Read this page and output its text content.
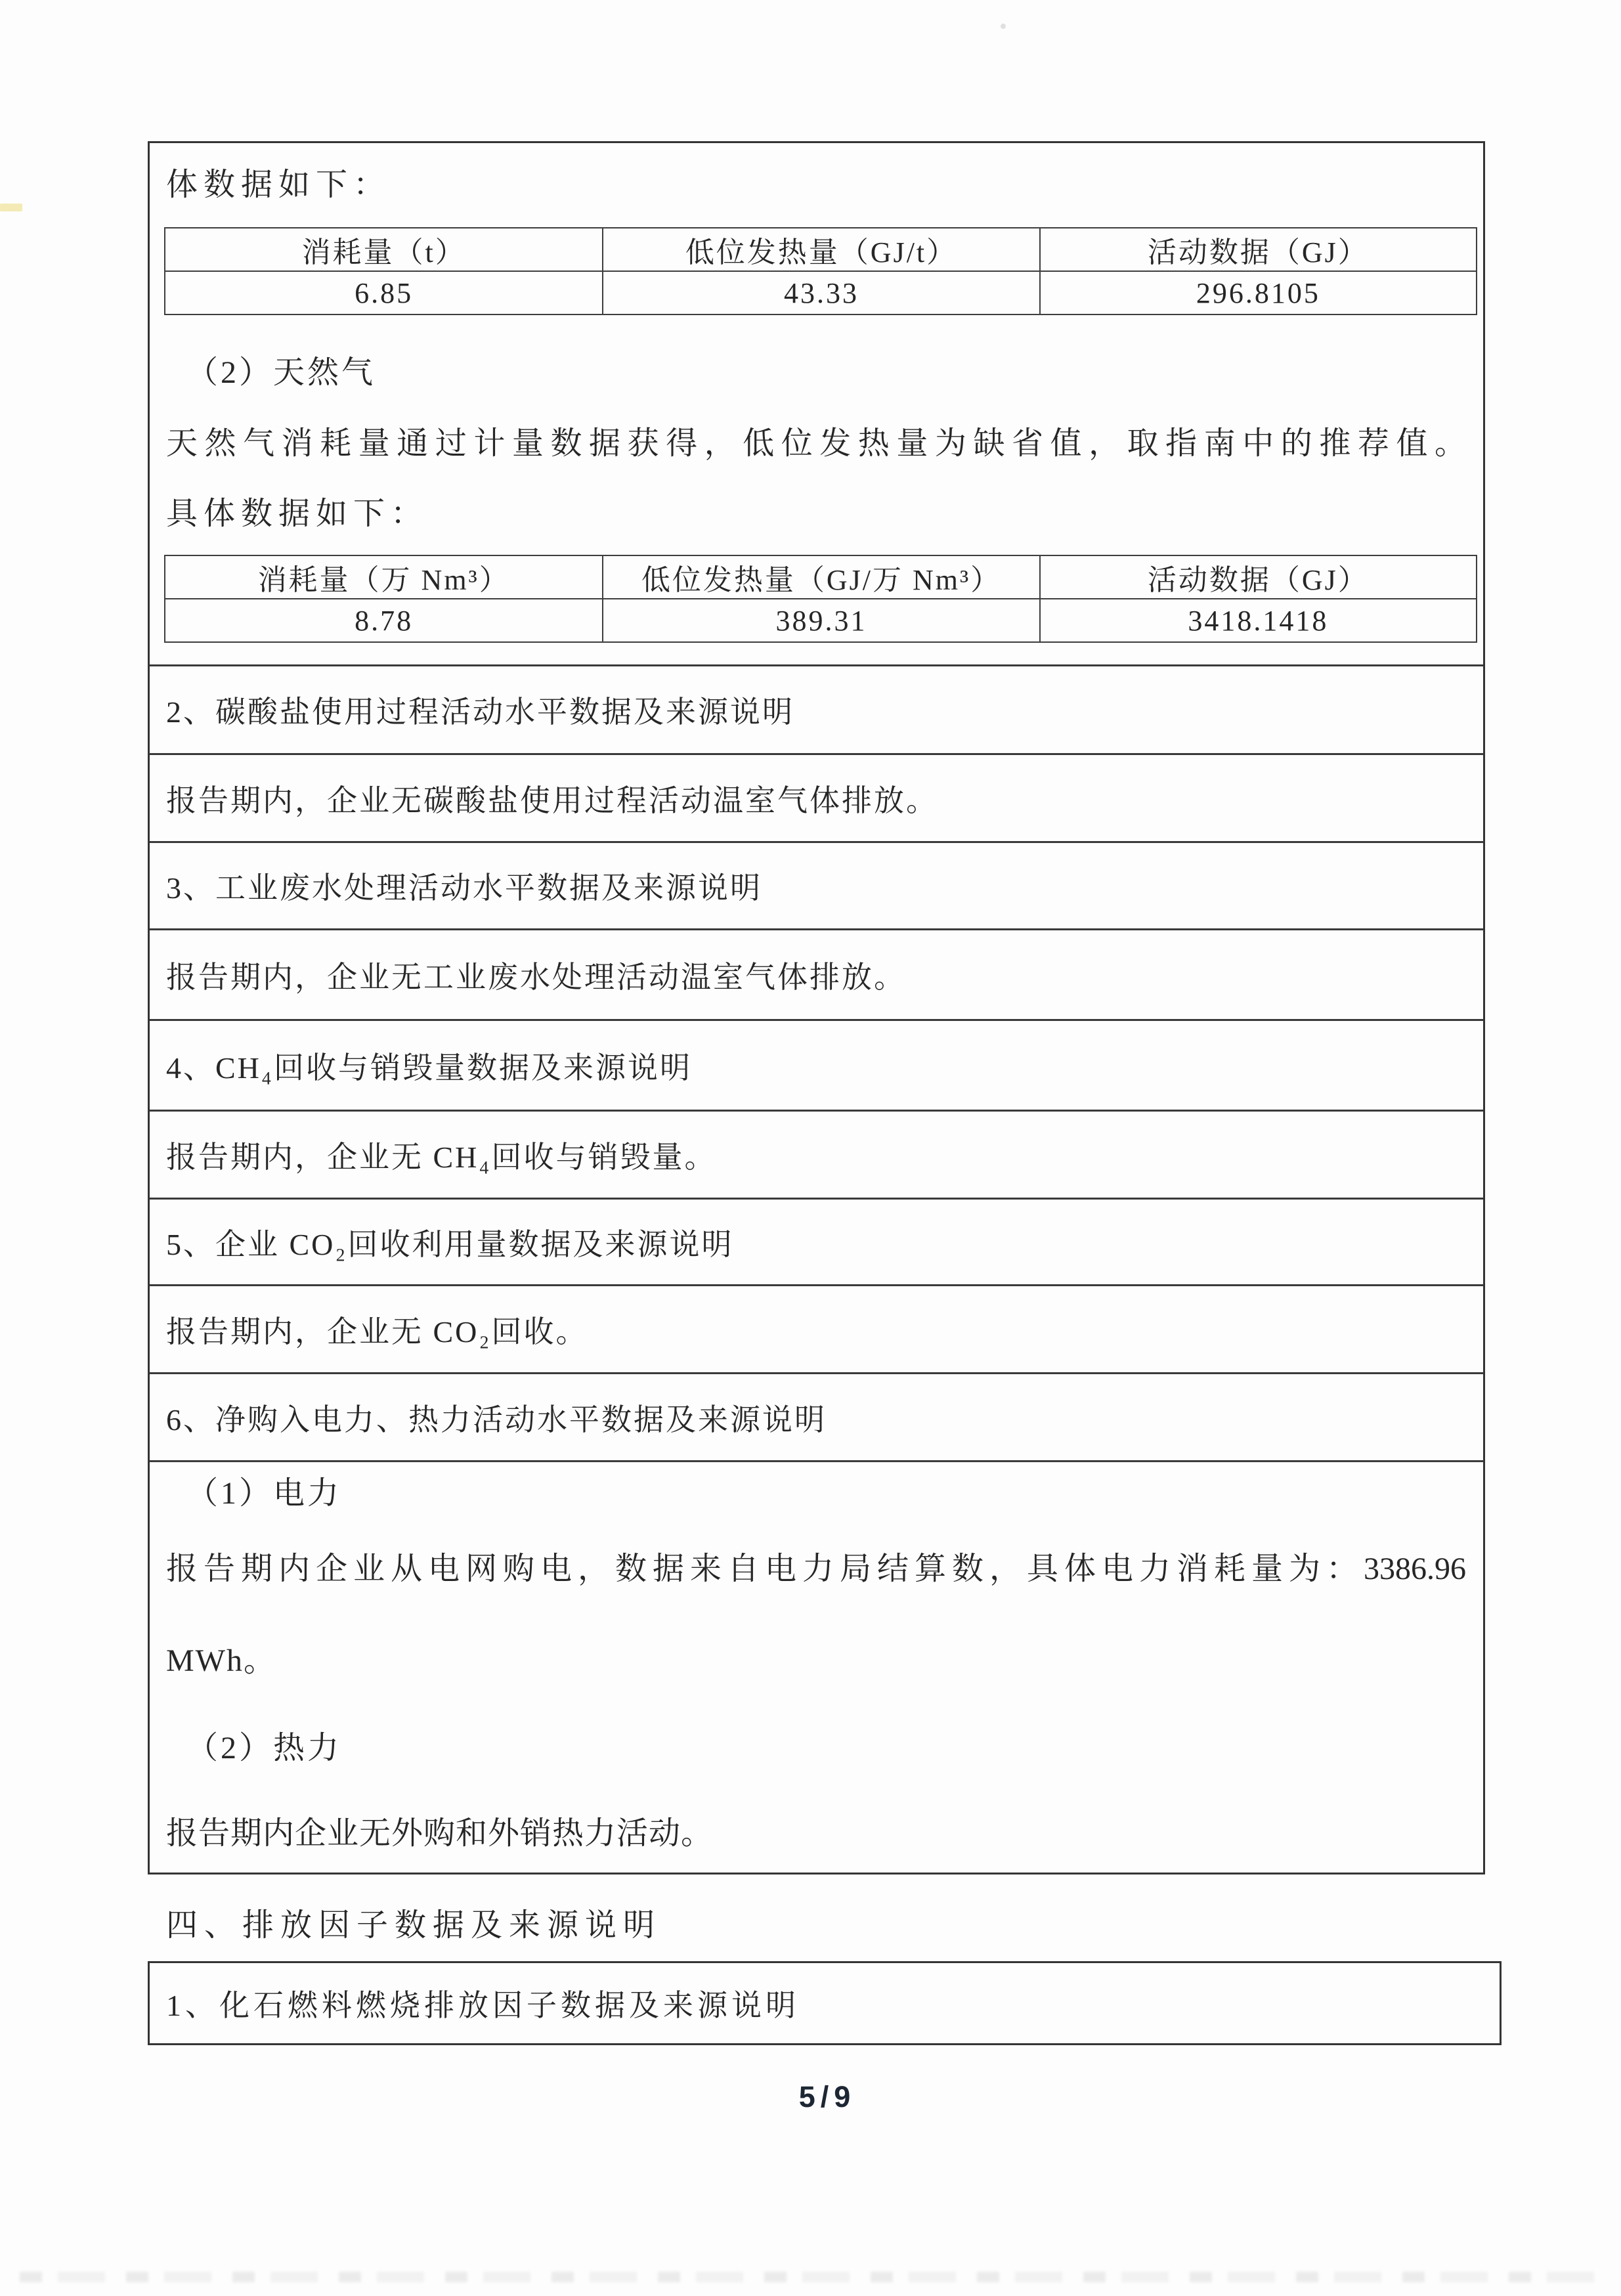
体数据如下：

消耗量（t）	低位发热量（GJ/t）	活动数据（GJ）
6.85	43.33	296.8105

（2）天然气

天然气消耗量通过计量数据获得，低位发热量为缺省值，取指南中的推荐值。

具体数据如下：

消耗量（万 Nm³）	低位发热量（GJ/万 Nm³）	活动数据（GJ）
8.78	389.31	3418.1418
2、碳酸盐使用过程活动水平数据及来源说明
报告期内，企业无碳酸盐使用过程活动温室气体排放。
3、工业废水处理活动水平数据及来源说明
报告期内，企业无工业废水处理活动温室气体排放。
4、CH₄回收与销毁量数据及来源说明
报告期内，企业无 CH₄回收与销毁量。
5、企业 CO₂回收利用量数据及来源说明
报告期内，企业无 CO₂回收。
6、净购入电力、热力活动水平数据及来源说明

（1）电力

报告期内企业从电网购电，数据来自电力局结算数，具体电力消耗量为：3386.96

MWh。

（2）热力

报告期内企业无外购和外销热力活动。

四、排放因子数据及来源说明

1、化石燃料燃烧排放因子数据及来源说明

5/9
